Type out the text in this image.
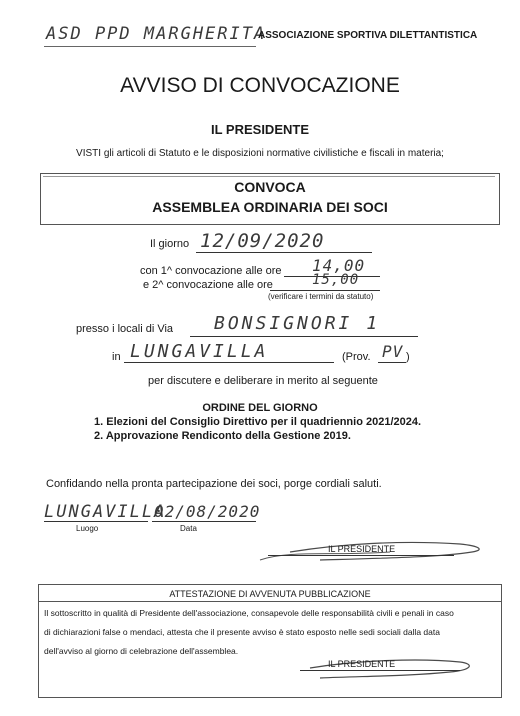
ASD PPD MARGHERITA
ASSOCIAZIONE SPORTIVA DILETTANTISTICA
AVVISO DI CONVOCAZIONE
IL PRESIDENTE
VISTI gli articoli di Statuto e le disposizioni normative civilistiche e fiscali in materia;
CONVOCA
ASSEMBLEA ORDINARIA DEI SOCI
Il giorno 12/09/2020
con 1^ convocazione alle ore 14,00
e 2^ convocazione alle ore	15,00
(verificare i termini da statuto)
presso i locali di Via BONSIGNORI 1
in LUNGAVILLA	(Prov. PV )
per discutere e deliberare in merito al seguente
ORDINE DEL GIORNO
1. Elezioni del Consiglio Direttivo per il quadriennio 2021/2024.
2. Approvazione Rendiconto della Gestione 2019.
Confidando nella pronta partecipazione dei soci, porge cordiali saluti.
LUNGAVILLA
02/08/2020
Luogo	Data
IL PRESIDENTE
ATTESTAZIONE DI AVVENUTA PUBBLICAZIONE
Il sottoscritto in qualità di Presidente dell'associazione, consapevole delle responsabilità civili e penali in caso
di dichiarazioni false o mendaci, attesta che il presente avviso è stato esposto nelle sedi sociali dalla data
dell'avviso al giorno di celebrazione dell'assemblea.
IL PRESIDENTE
